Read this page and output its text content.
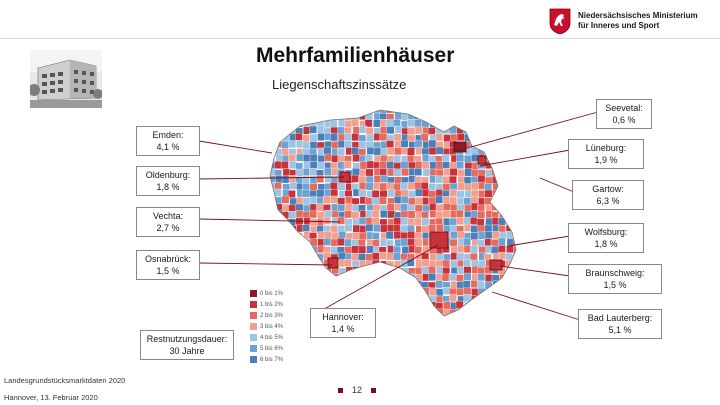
Niedersächsisches Ministerium
für Inneres und Sport
Mehrfamilienhäuser
Liegenschaftszinssätze
0 bis 1%
1 bis 2%
2 bis 3%
3 bis 4%
4 bis 5%
5 bis 6%
6 bis 7%
Emden:
4,1 %
Oldenburg:
1,8 %
Vechta:
2,7 %
Osnabrück:
1,5 %
Restnutzungsdauer:
30 Jahre
Hannover:
1,4 %
Seevetal:
0,6 %
Lüneburg:
1,9 %
Gartow:
6,3 %
Wolfsburg:
1,8 %
Braunschweig:
1,5 %
Bad Lauterberg:
5,1 %
Landesgrundstücksmarktdaten 2020
Hannover, 13. Februar 2020
12
